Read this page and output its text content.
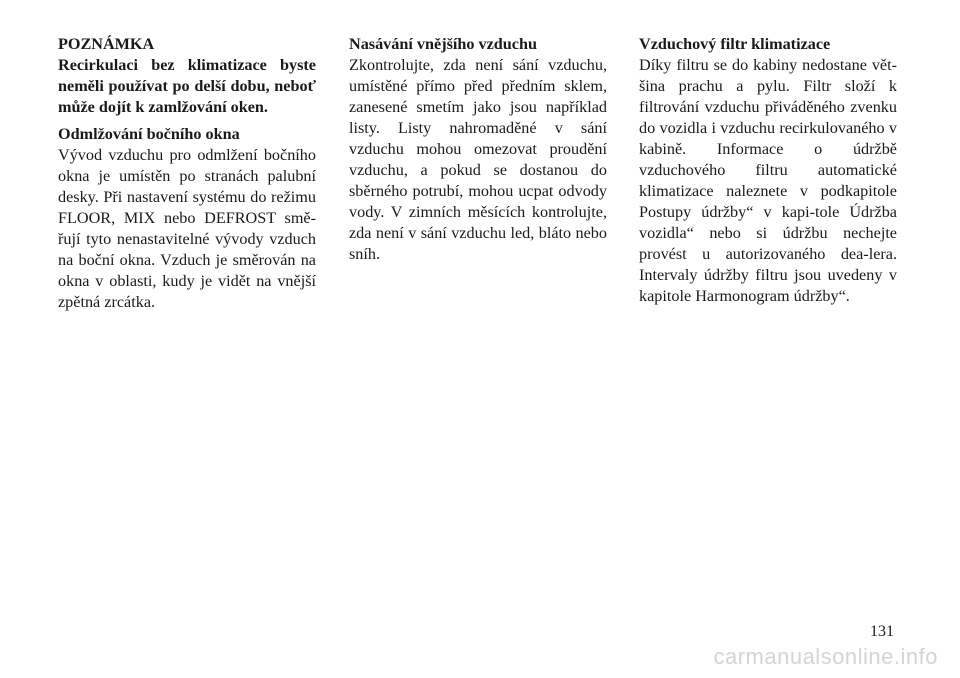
POZNÁMKA

Recirkulaci bez klimatizace byste neměli používat po delší dobu, neboť může dojít k zamlžování oken.

Odmlžování bočního okna

Vývod vzduchu pro odmlžení bočního okna je umístěn po stranách palubní desky. Při nastavení systému do režimu FLOOR, MIX nebo DEFROST smě-řují tyto nenastavitelné vývody vzduch na boční okna. Vzduch je směrován na okna v oblasti, kudy je vidět na vnější zpětná zrcátka.

Nasávání vnějšího vzduchu

Zkontrolujte, zda není sání vzduchu, umístěné přímo před předním sklem, zanesené smetím jako jsou například listy. Listy nahromaděné v sání vzduchu mohou omezovat proudění vzduchu, a pokud se dostanou do sběrného potrubí, mohou ucpat odvody vody. V zimních měsících kontrolujte, zda není v sání vzduchu led, bláto nebo sníh.

Vzduchový filtr klimatizace

Díky filtru se do kabiny nedostane vět-šina prachu a pylu. Filtr složí k filtrování vzduchu přiváděného zvenku do vozidla i vzduchu recirkulovaného v kabině. Informace o údržbě vzduchového filtru automatické klimatizace naleznete v podkapitole Postupy údržby“ v kapi-tole Údržba vozidla“ nebo si údržbu nechejte provést u autorizovaného dea-lera. Intervaly údržby filtru jsou uvedeny v kapitole Harmonogram údržby“.

131
carmanualsonline.info
